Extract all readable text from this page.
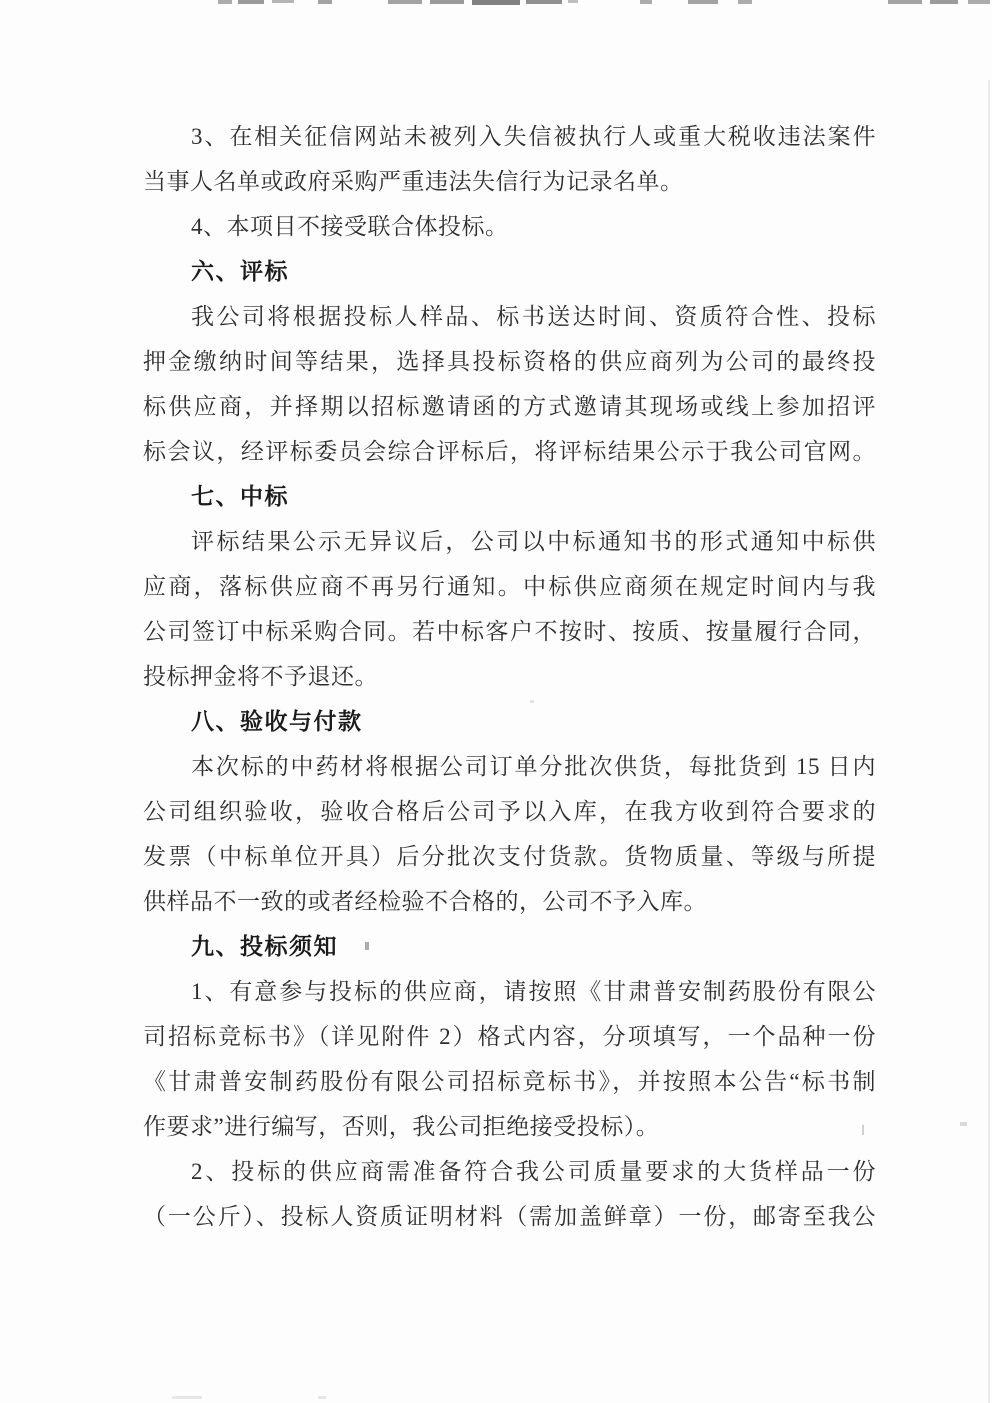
3、在相关征信网站未被列入失信被执行人或重大税收违法案件
当事人名单或政府采购严重违法失信行为记录名单。
4、本项目不接受联合体投标。
六、评标
我公司将根据投标人样品、标书送达时间、资质符合性、投标
押金缴纳时间等结果，选择具投标资格的供应商列为公司的最终投
标供应商，并择期以招标邀请函的方式邀请其现场或线上参加招评
标会议，经评标委员会综合评标后，将评标结果公示于我公司官网。
七、中标
评标结果公示无异议后，公司以中标通知书的形式通知中标供
应商，落标供应商不再另行通知。中标供应商须在规定时间内与我
公司签订中标采购合同。若中标客户不按时、按质、按量履行合同，
投标押金将不予退还。
八、验收与付款
本次标的中药材将根据公司订单分批次供货，每批货到 15 日内
公司组织验收，验收合格后公司予以入库，在我方收到符合要求的
发票（中标单位开具）后分批次支付货款。货物质量、等级与所提
供样品不一致的或者经检验不合格的，公司不予入库。
九、投标须知
1、有意参与投标的供应商，请按照《甘肃普安制药股份有限公
司招标竞标书》（详见附件 2）格式内容，分项填写，一个品种一份
《甘肃普安制药股份有限公司招标竞标书》，并按照本公告“标书制
作要求”进行编写，否则，我公司拒绝接受投标）。
2、投标的供应商需准备符合我公司质量要求的大货样品一份
（一公斤）、投标人资质证明材料（需加盖鲜章）一份，邮寄至我公
